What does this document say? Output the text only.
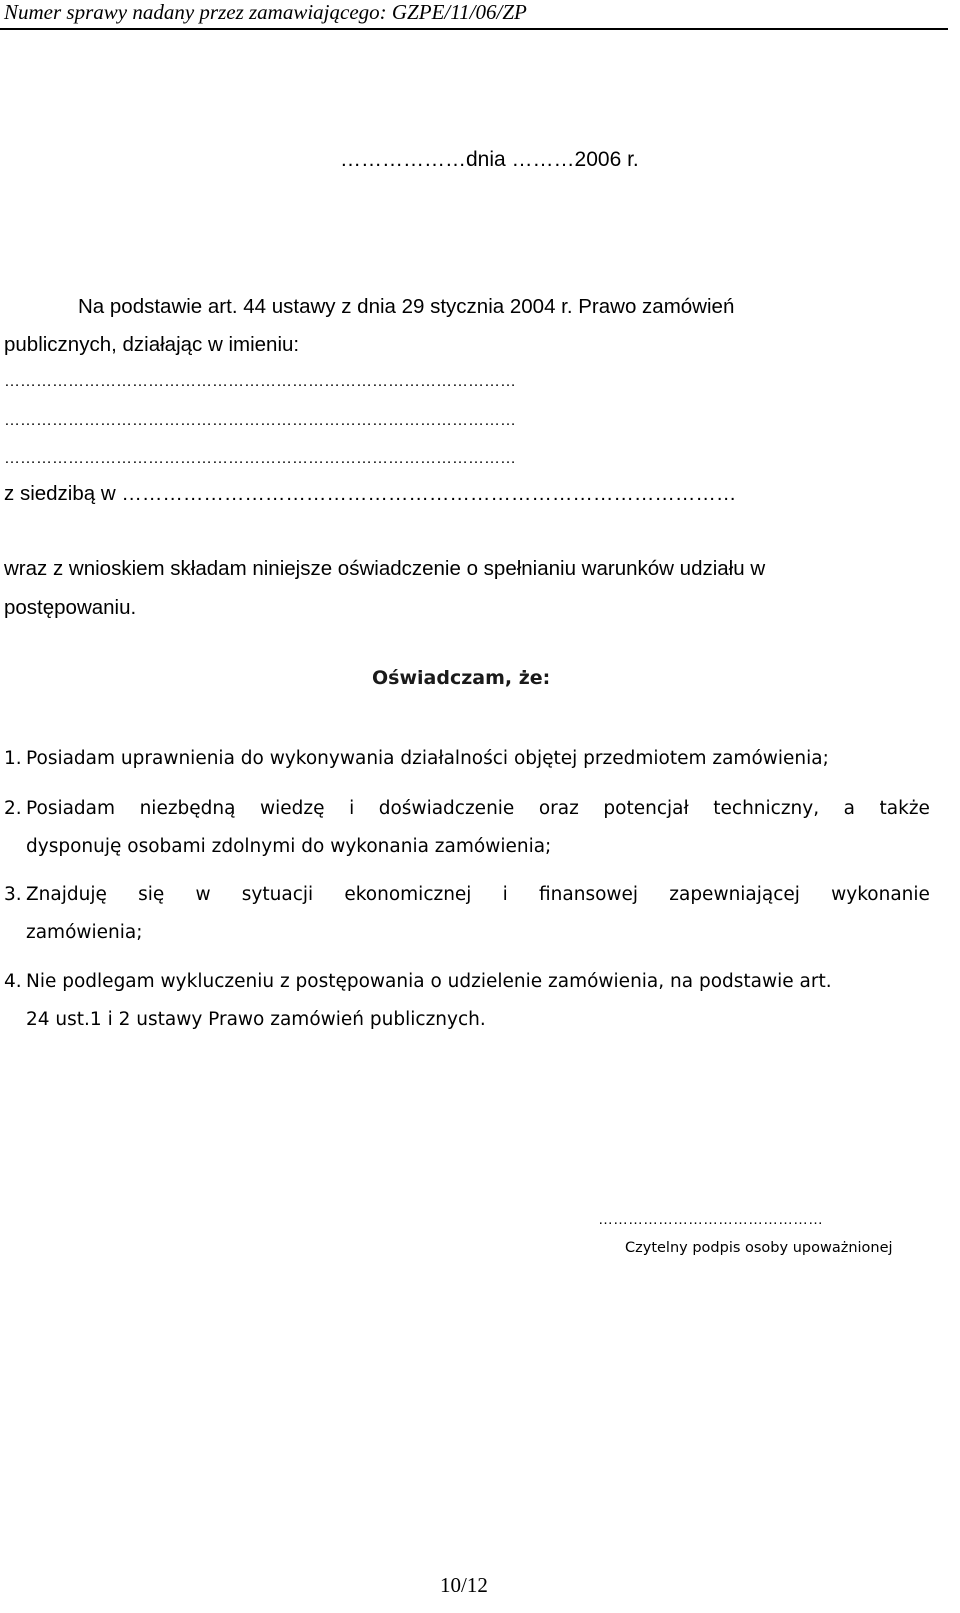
Numer sprawy nadany przez zamawiającego: GZPE/11/06/ZP
………………dnia ………2006 r.
Na podstawie art. 44 ustawy z dnia 29 stycznia 2004 r. Prawo zamówień
publicznych, działając w imieniu:
……………………………………………………………………………………
……………………………………………………………………………………
……………………………………………………………………………………
z siedzibą w ………………………………………………………………………………
wraz z wnioskiem składam niniejsze oświadczenie o spełnianiu warunków udziału w
postępowaniu.
Oświadczam, że:
1. Posiadam uprawnienia do wykonywania działalności objętej przedmiotem zamówienia;
2. Posiadam niezbędną wiedzę i doświadczenie oraz potencjał techniczny, a także
dysponuję osobami zdolnymi do wykonania zamówienia;
3. Znajduję się w sytuacji ekonomicznej i finansowej zapewniającej wykonanie
zamówienia;
4. Nie podlegam wykluczeniu z postępowania o udzielenie zamówienia, na podstawie art.
24 ust.1 i 2 ustawy Prawo zamówień publicznych.
………………………………………
Czytelny podpis osoby upoważnionej
10/12
